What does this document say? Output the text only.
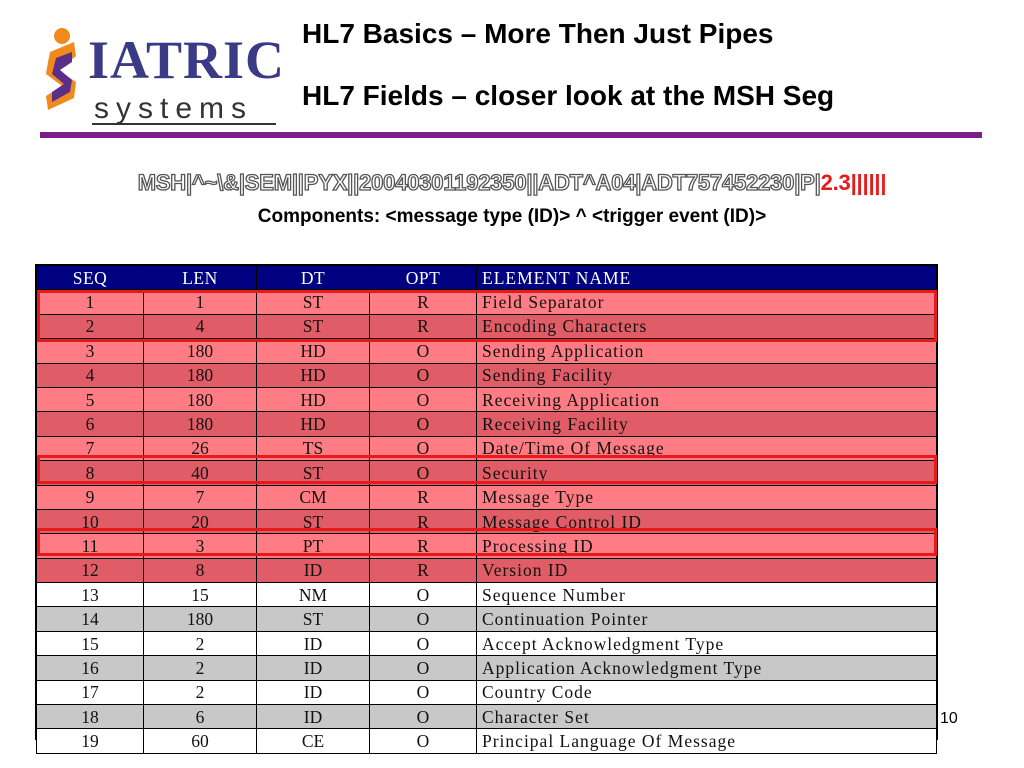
IATRIC
systems
HL7 Basics – More Then Just Pipes
HL7 Fields – closer look at the MSH Seg
MSH|^~\&|SEM||PYX||20040301192350||ADT^A04|ADT757452230|P|2.3||||||
Components: <message type (ID)> ^ <trigger event (ID)>
SEQ	LEN	DT	OPT	ELEMENT NAME
1	1	ST	R	Field Separator
2	4	ST	R	Encoding Characters
3	180	HD	O	Sending Application
4	180	HD	O	Sending Facility
5	180	HD	O	Receiving Application
6	180	HD	O	Receiving Facility
7	26	TS	O	Date/Time Of Message
8	40	ST	O	Security
9	7	CM	R	Message Type
10	20	ST	R	Message Control ID
11	3	PT	R	Processing ID
12	8	ID	R	Version ID
13	15	NM	O	Sequence Number
14	180	ST	O	Continuation Pointer
15	2	ID	O	Accept Acknowledgment Type
16	2	ID	O	Application Acknowledgment Type
17	2	ID	O	Country Code
18	6	ID	O	Character Set
19	60	CE	O	Principal Language Of Message
10
